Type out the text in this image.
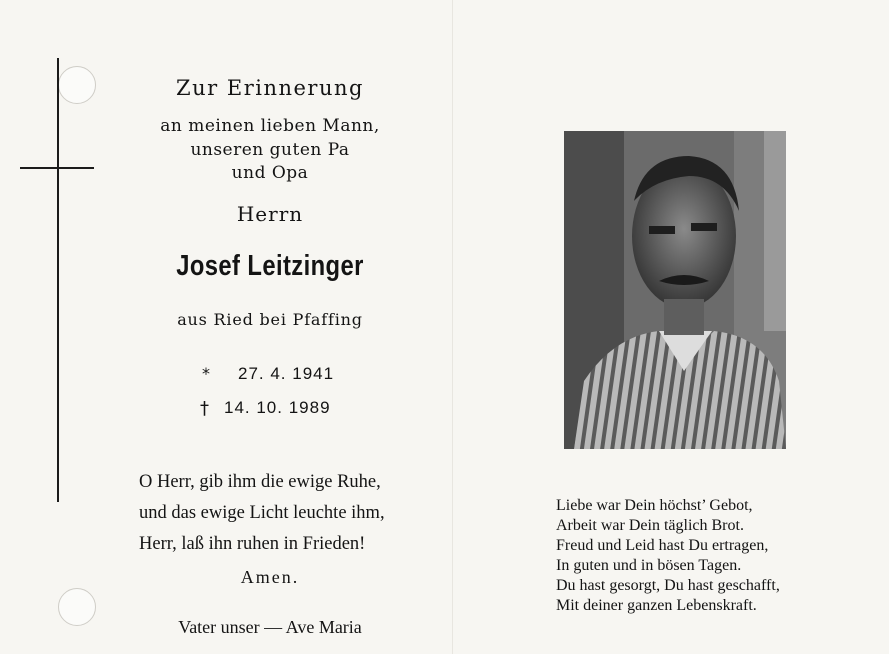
Zur Erinnerung
an meinen lieben Mann,
unseren guten Pa
und Opa
Herrn
Josef Leitzinger
aus Ried bei Pfaffing
* 27. 4. 1941
† 14. 10. 1989
O Herr, gib ihm die ewige Ruhe,
und das ewige Licht leuchte ihm,
Herr, laß ihn ruhen in Frieden!
Amen.
Vater unser — Ave Maria
Liebe war Dein höchst’ Gebot,
Arbeit war Dein täglich Brot.
Freud und Leid hast Du ertragen,
In guten und in bösen Tagen.
Du hast gesorgt, Du hast geschafft,
Mit deiner ganzen Lebenskraft.
